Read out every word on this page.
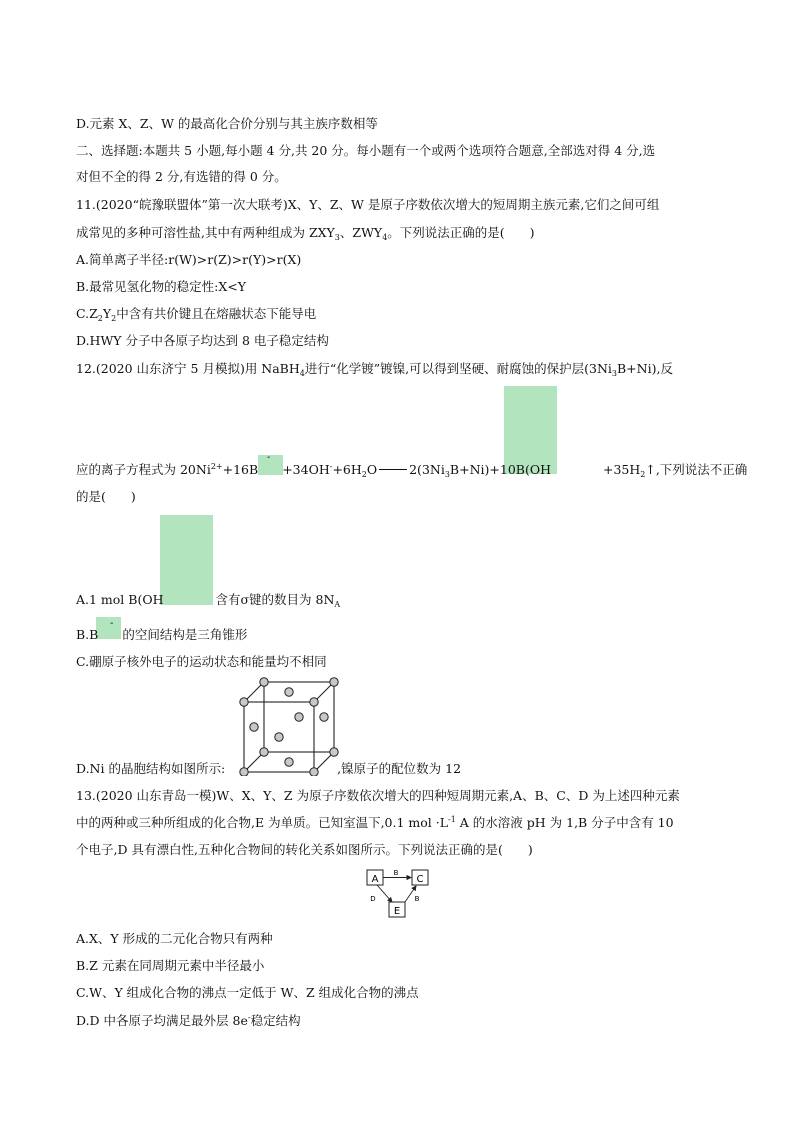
D.元素 X、Z、W 的最高化合价分别与其主族序数相等
二、选择题:本题共 5 小题,每小题 4 分,共 20 分。每小题有一个或两个选项符合题意,全部选对得 4 分,选
对但不全的得 2 分,有选错的得 0 分。
11.(2020“皖豫联盟体”第一次大联考)X、Y、Z、W 是原子序数依次增大的短周期主族元素,它们之间可组
成常见的多种可溶性盐,其中有两种组成为 $ZXY_3$、$ZWY_4$。下列说法正确的是(　　)
A.简单离子半径:r(W)>r(Z)>r(Y)>r(X)
B.最常见氢化物的稳定性:X<Y
$C.Z_2Y_2$中含有共价键且在熔融状态下能导电
D.HWY 分子中各原子均达到 8 电子稳定结构
12.(2020 山东济宁 5 月模拟)用 NaBH$_4$进行“化学镀”镀镍,可以得到坚硬、耐腐蚀的保护层$(3Ni_3B+Ni)$,反
-
应的离子方程式为 $20Ni^{2+}+16B +34OH^-+6H_2O$	$2(3Ni_3B+Ni)+10B(OH$	$+35H_2↑$,下列说法不正确
的是(　　)
A.1 mol B(OH	含有σ键的数目为 $8N_A$
-
B.B 的空间结构是三角锥形
C.硼原子核外电子的运动状态和能量均不相同
D.Ni 的晶胞结构如图所示:	,镍原子的配位数为 12
13.(2020 山东青岛一模)W、X、Y、Z 为原子序数依次增大的四种短周期元素,A、B、C、D 为上述四种元素
中的两种或三种所组成的化合物,E 为单质。已知室温下,0.1 mol $\cdot L^{-1}$ A 的水溶液 pH 为 1,B 分子中含有 10
个电子,D 具有漂白性,五种化合物间的转化关系如图所示。下列说法正确的是(　　)
A	C
E
B
D	B
A.X、Y 形成的二元化合物只有两种
B.Z 元素在同周期元素中半径最小
C.W、Y 组成化合物的沸点一定低于 W、Z 组成化合物的沸点
D.D 中各原子均满足最外层 8e-稳定结构
